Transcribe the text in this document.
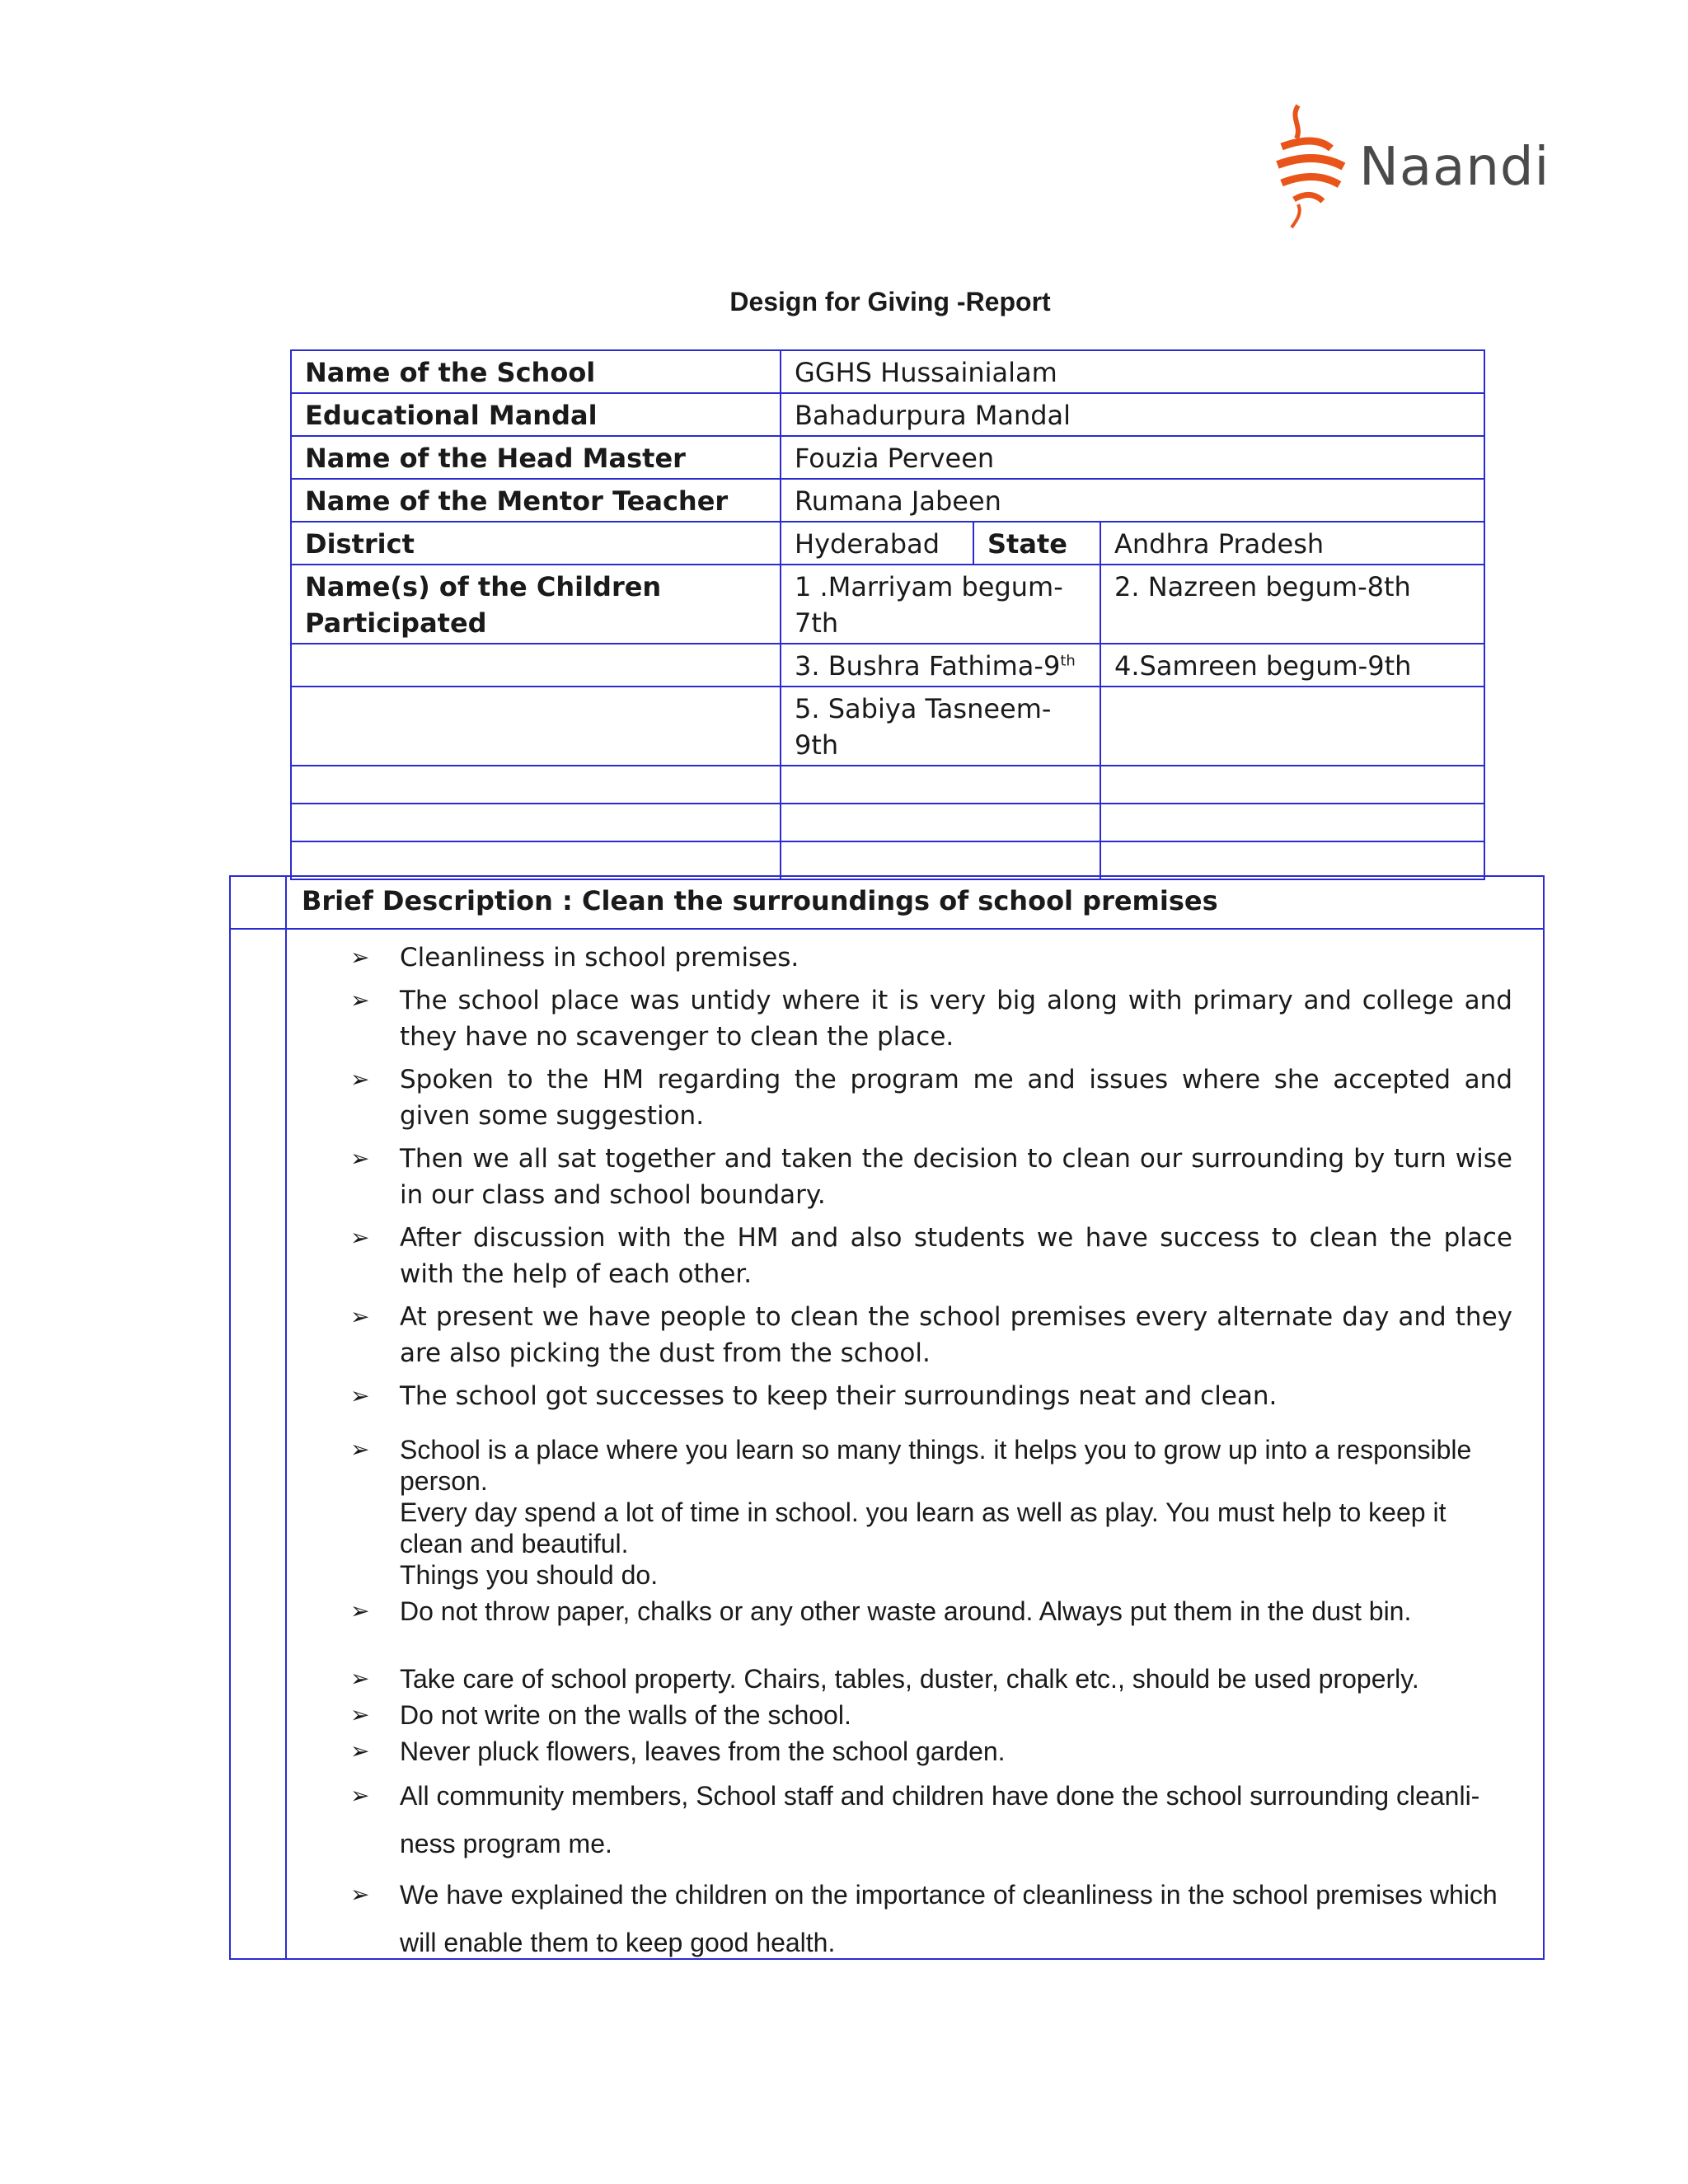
Naandi
Design for Giving -Report
Name of the School	GGHS Hussainialam		
Educational Mandal	Bahadurpura Mandal		
Name of the Head Master	Fouzia Perveen		
Name of the Mentor Teacher	Rumana Jabeen		
District	Hyderabad	State	Andhra Pradesh
Name(s) of the Children Participated	1 .Marriyam begum-7th		2. Nazreen begum-8th
	3. Bushra Fathima-9th		4.Samreen begum-9th
	5. Sabiya Tasneem-9th		

Brief Description : Clean the surroundings of school premises
➢ Cleanliness in school premises.
➢ The school place was untidy where it is very big along with primary and college and they have no scavenger to clean the place.
➢ Spoken to the HM regarding the program me and issues where she accepted and given some suggestion.
➢ Then we all sat together and taken the decision to clean our surrounding by turn wise in our class and school boundary.
➢ After discussion with the HM and also students we have success to clean the place with the help of each other.
➢ At present we have people to clean the school premises every alternate day and they are also picking the dust from the school.
➢ The school got successes to keep their surroundings neat and clean.
➢ School is a place where you learn so many things. it helps you to grow up into a responsible person.
Every day spend a lot of time in school. you learn as well as play. You must help to keep it clean and beautiful.
Things you should do.
➢ Do not throw paper, chalks or any other waste around. Always put them in the dust bin.
➢ Take care of school property. Chairs, tables, duster, chalk etc., should be used properly.
➢ Do not write on the walls of the school.
➢ Never pluck flowers, leaves from the school garden.
➢ All community members, School staff and children have done the school surrounding cleanli-ness program me.
➢ We have explained the children on the importance of cleanliness in the school premises which will enable them to keep good health.
